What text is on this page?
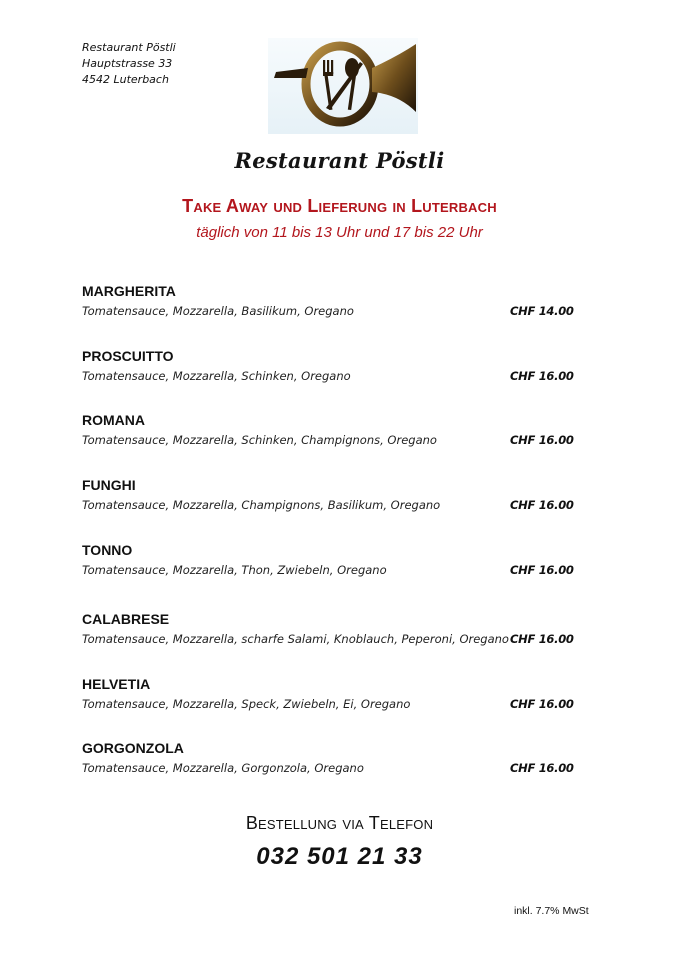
Restaurant Pöstli
Hauptstrasse 33
4542 Luterbach
Restaurant Pöstli
Take Away und Lieferung in Luterbach
täglich von 11 bis 13 Uhr und 17 bis 22 Uhr
MARGHERITA
Tomatensauce, Mozzarella, Basilikum, Oregano	CHF 14.00
PROSCUITTO
Tomatensauce, Mozzarella, Schinken, Oregano	CHF 16.00
ROMANA
Tomatensauce, Mozzarella, Schinken, Champignons, Oregano	CHF 16.00
FUNGHI
Tomatensauce, Mozzarella, Champignons, Basilikum, Oregano	CHF 16.00
TONNO
Tomatensauce, Mozzarella, Thon, Zwiebeln, Oregano	CHF 16.00
CALABRESE
Tomatensauce, Mozzarella, scharfe Salami, Knoblauch, Peperoni, Oregano CHF 16.00
HELVETIA
Tomatensauce, Mozzarella, Speck, Zwiebeln, Ei, Oregano	CHF 16.00
GORGONZOLA
Tomatensauce, Mozzarella, Gorgonzola, Oregano	CHF 16.00
Bestellung via Telefon
032 501 21 33
inkl. 7.7% MwSt
